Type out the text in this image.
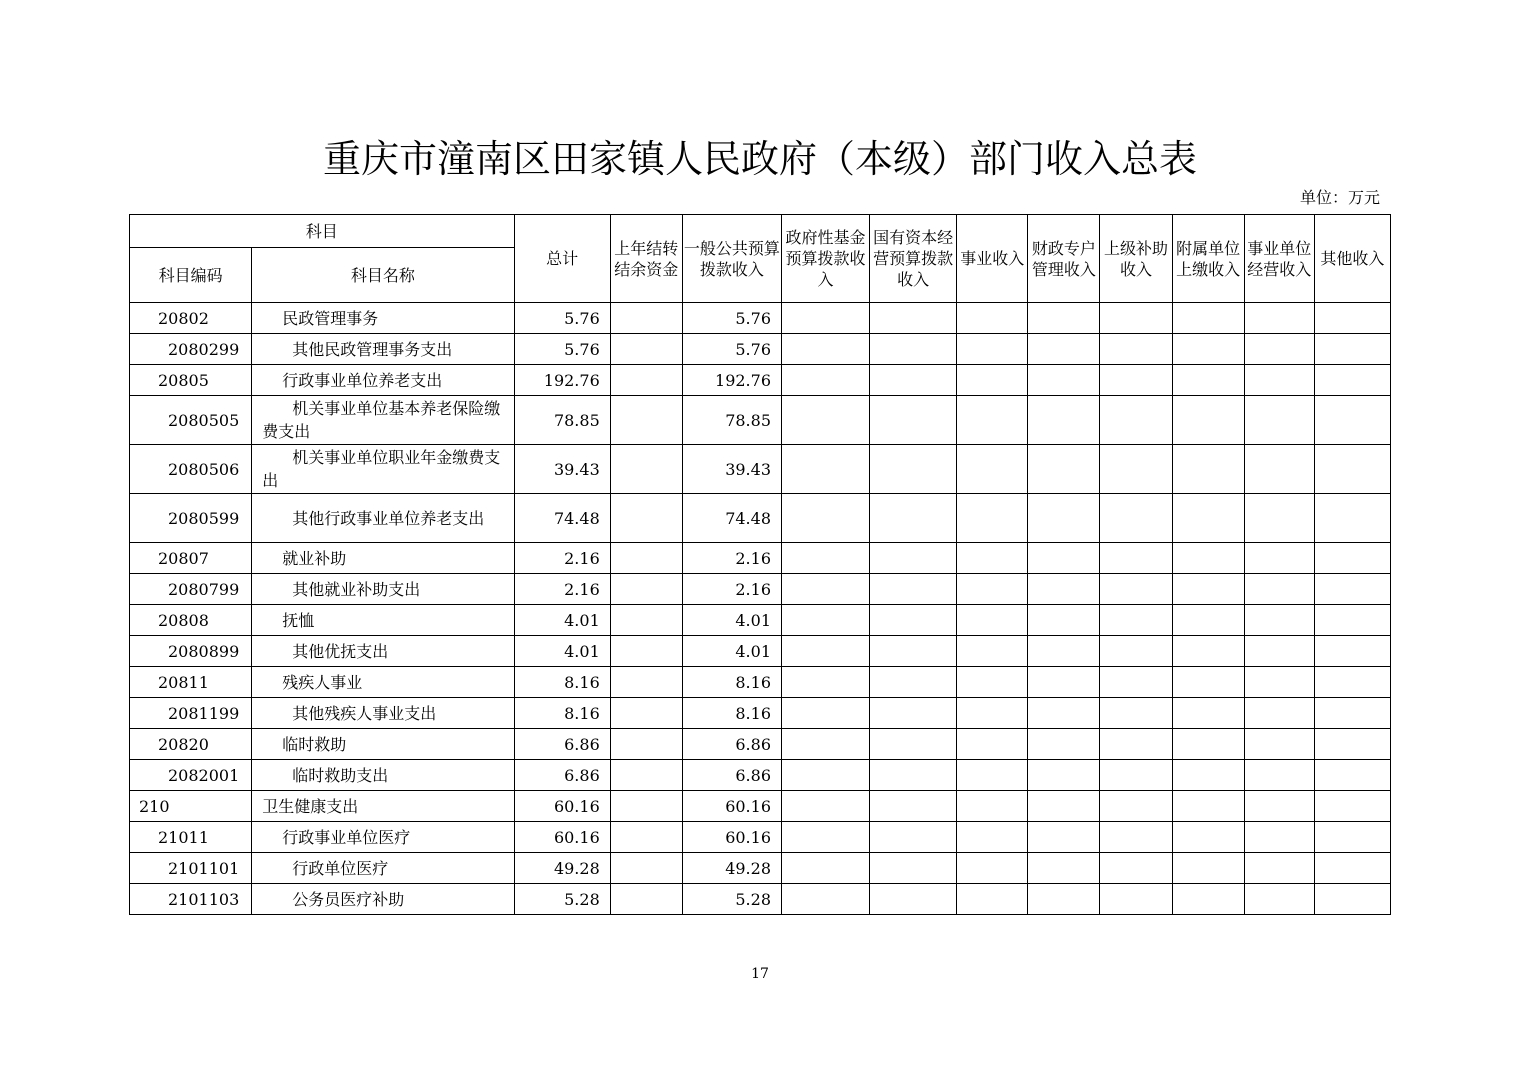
重庆市潼南区田家镇人民政府（本级）部门收入总表
单位：万元
科目		总计	上年结转结余资金	一般公共预算拨款收入	政府性基金预算拨款收入	国有资本经营预算拨款收入	事业收入	财政专户管理收入	上级补助收入	附属单位上缴收入	事业单位经营收入	其他收入
科目编码	科目名称											
20802	民政管理事务	5.76		5.76								
2080299	其他民政管理事务支出	5.76		5.76								
20805	行政事业单位养老支出	192.76		192.76								
2080505	机关事业单位基本养老保险缴费支出	78.85		78.85								
2080506	机关事业单位职业年金缴费支出	39.43		39.43								
2080599	其他行政事业单位养老支出	74.48		74.48								
20807	就业补助	2.16		2.16								
2080799	其他就业补助支出	2.16		2.16								
20808	抚恤	4.01		4.01								
2080899	其他优抚支出	4.01		4.01								
20811	残疾人事业	8.16		8.16								
2081199	其他残疾人事业支出	8.16		8.16								
20820	临时救助	6.86		6.86								
2082001	临时救助支出	6.86		6.86								
210	卫生健康支出	60.16		60.16								
21011	行政事业单位医疗	60.16		60.16								
2101101	行政单位医疗	49.28		49.28								
2101103	公务员医疗补助	5.28		5.28								
17
